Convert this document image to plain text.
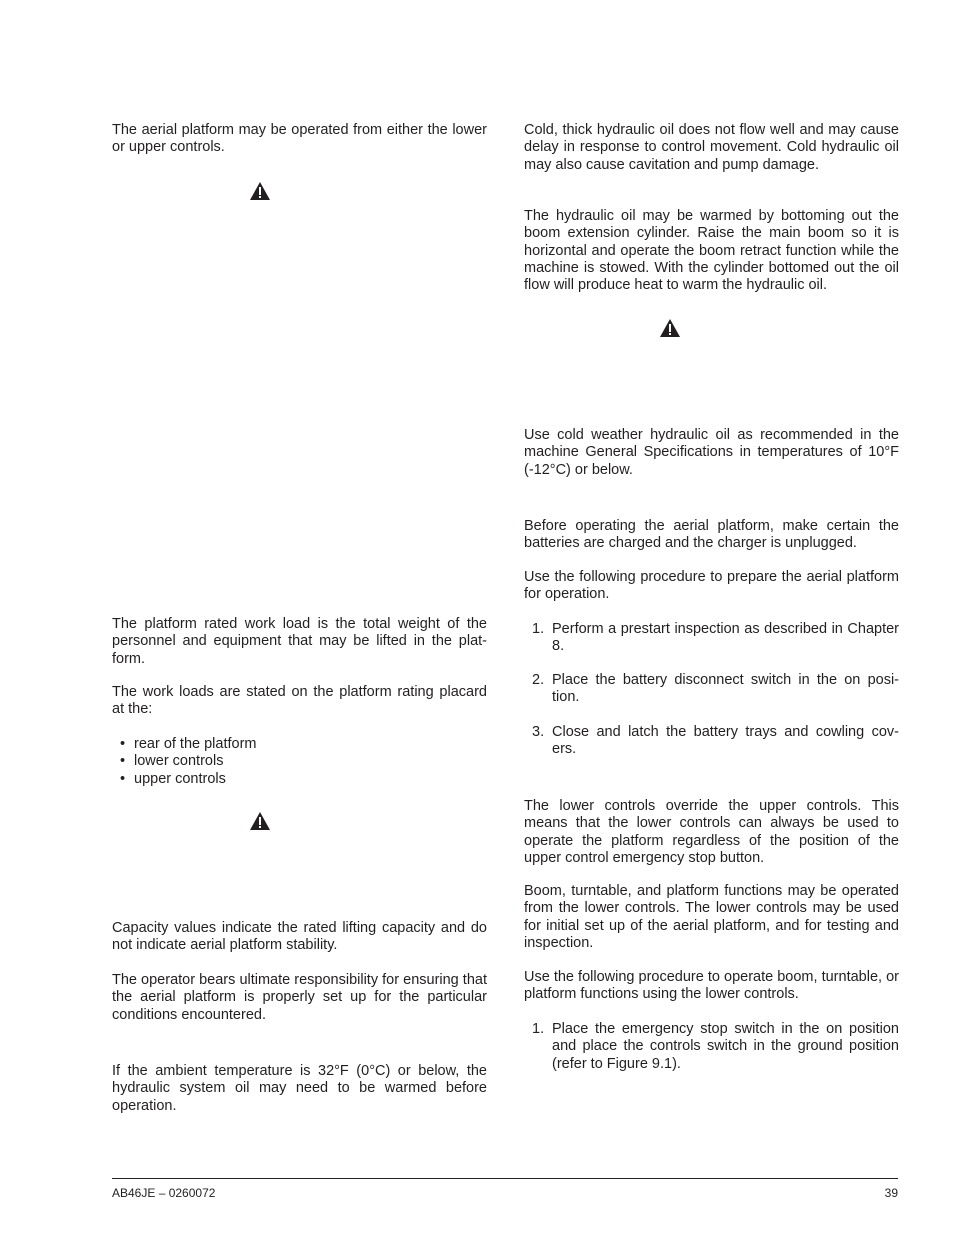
The aerial platform may be operated from either the lower or upper controls.

The platform rated work load is the total weight of the personnel and equipment that may be lifted in the plat- form.

The work loads are stated on the platform rating placard at the:

• rear of the platform
• lower controls
• upper controls

Capacity values indicate the rated lifting capacity and do not indicate aerial platform stability.

The operator bears ultimate responsibility for ensuring that the aerial platform is properly set up for the particular conditions encountered.

If the ambient temperature is 32°F (0°C) or below, the hydraulic system oil may need to be warmed before operation.

Cold, thick hydraulic oil does not flow well and may cause delay in response to control movement. Cold hydraulic oil may also cause cavitation and pump damage.

The hydraulic oil may be warmed by bottoming out the boom extension cylinder. Raise the main boom so it is horizontal and operate the boom retract function while the machine is stowed. With the cylinder bottomed out the oil flow will produce heat to warm the hydraulic oil.

Use cold weather hydraulic oil as recommended in the machine General Specifications in temperatures of 10°F (-12°C) or below.

Before operating the aerial platform, make certain the batteries are charged and the charger is unplugged.

Use the following procedure to prepare the aerial platform for operation.

1. Perform a prestart inspection as described in Chapter 8.
2. Place the battery disconnect switch in the on posi- tion.
3. Close and latch the battery trays and cowling cov- ers.

The lower controls override the upper controls. This means that the lower controls can always be used to operate the platform regardless of the position of the upper control emergency stop button.

Boom, turntable, and platform functions may be operated from the lower controls. The lower controls may be used for initial set up of the aerial platform, and for testing and inspection.

Use the following procedure to operate boom, turntable, or platform functions using the lower controls.

1. Place the emergency stop switch in the on position and place the controls switch in the ground position (refer to Figure 9.1).
AB46JE – 0260072	39
